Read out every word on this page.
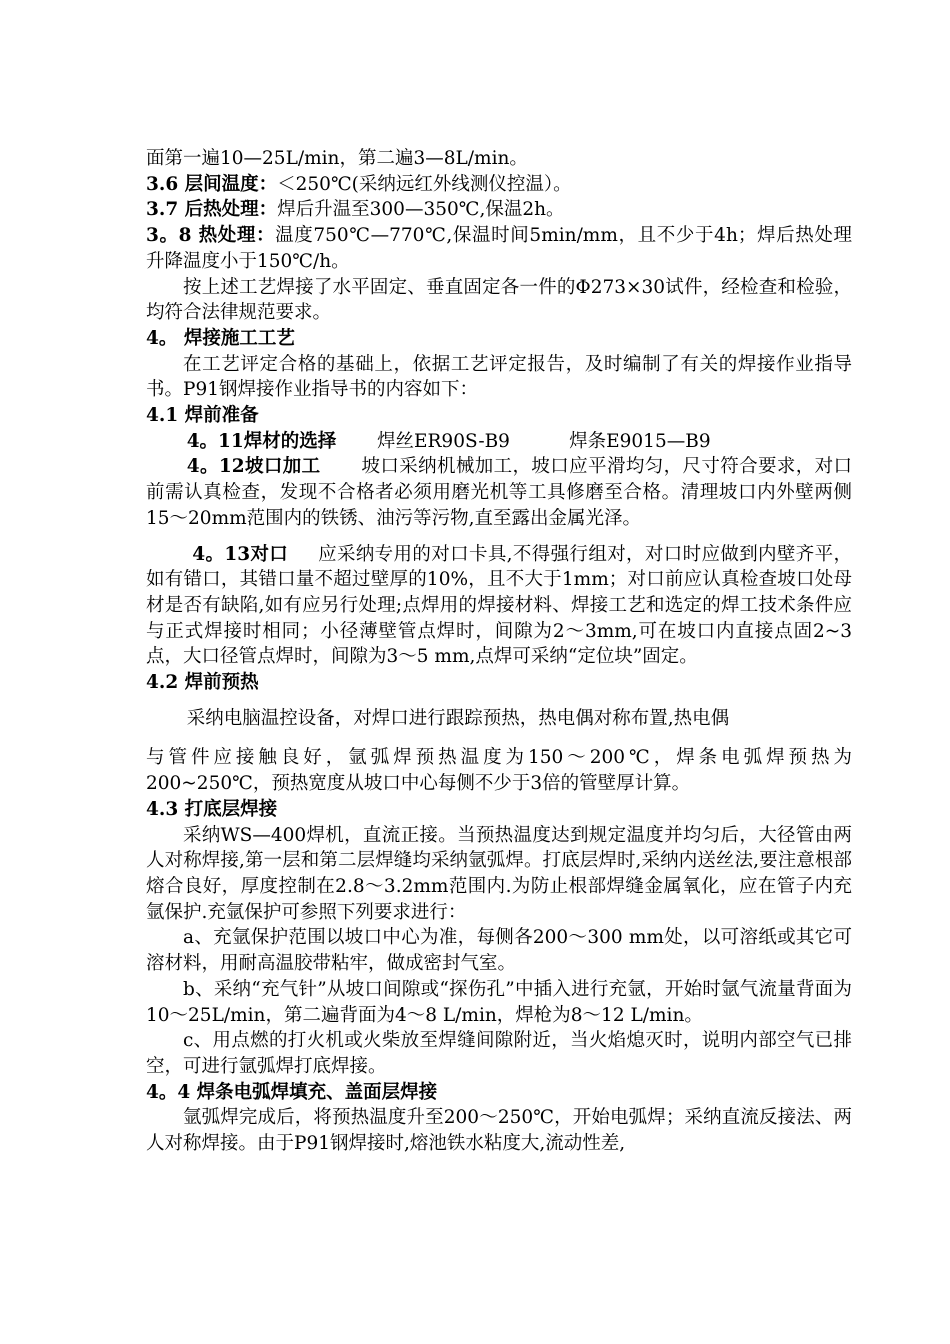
面第一遍10—25L/min，第二遍3—8L/min。

3.6 层间温度：＜250℃(采纳远红外线测仪控温）。

3.7 后热处理：焊后升温至300—350℃,保温2h。

3。8 热处理：温度750℃—770℃,保温时间5min/mm，且不少于4h；焊后热处理升降温度小于150℃/h。

按上述工艺焊接了水平固定、垂直固定各一件的Φ273×30试件，经检查和检验，均符合法律规范要求。

4。 焊接施工工艺

在工艺评定合格的基础上，依据工艺评定报告，及时编制了有关的焊接作业指导书。P91钢焊接作业指导书的内容如下：

4.1 焊前准备

4。11焊材的选择 焊丝ER90S-B9	焊条E9015—B9

4。12坡口加工 坡口采纳机械加工，坡口应平滑均匀，尺寸符合要求，对口前需认真检查，发现不合格者必须用磨光机等工具修磨至合格。清理坡口内外壁两侧15～20mm范围内的铁锈、油污等污物,直至露出金属光泽。

4。13对口 应采纳专用的对口卡具,不得强行组对，对口时应做到内壁齐平，如有错口，其错口量不超过壁厚的10%，且不大于1mm；对口前应认真检查坡口处母材是否有缺陷,如有应另行处理;点焊用的焊接材料、焊接工艺和选定的焊工技术条件应与正式焊接时相同；小径薄壁管点焊时，间隙为2～3mm,可在坡口内直接点固2~3点，大口径管点焊时，间隙为3～5 mm,点焊可采纳“定位块”固定。

4.2 焊前预热

采纳电脑温控设备，对焊口进行跟踪预热，热电偶对称布置,热电偶

与管件应接触良好，氩弧焊预热温度为150～200℃，焊条电弧焊预热为200~250℃，预热宽度从坡口中心每侧不少于3倍的管壁厚计算。

4.3 打底层焊接

采纳WS—400焊机，直流正接。当预热温度达到规定温度并均匀后，大径管由两人对称焊接,第一层和第二层焊缝均采纳氩弧焊。打底层焊时,采纳内送丝法,要注意根部熔合良好，厚度控制在2.8～3.2mm范围内.为防止根部焊缝金属氧化，应在管子内充氩保护.充氩保护可参照下列要求进行：

a、充氩保护范围以坡口中心为准，每侧各200～300 mm处，以可溶纸或其它可溶材料，用耐高温胶带粘牢，做成密封气室。

b、采纳“充气针”从坡口间隙或“探伤孔”中插入进行充氩，开始时氩气流量背面为10～25L/min，第二遍背面为4～8 L/min，焊枪为8～12 L/min。

c、用点燃的打火机或火柴放至焊缝间隙附近，当火焰熄灭时，说明内部空气已排空，可进行氩弧焊打底焊接。

4。4 焊条电弧焊填充、盖面层焊接

氩弧焊完成后，将预热温度升至200～250℃，开始电弧焊；采纳直流反接法、两人对称焊接。由于P91钢焊接时,熔池铁水粘度大,流动性差,
